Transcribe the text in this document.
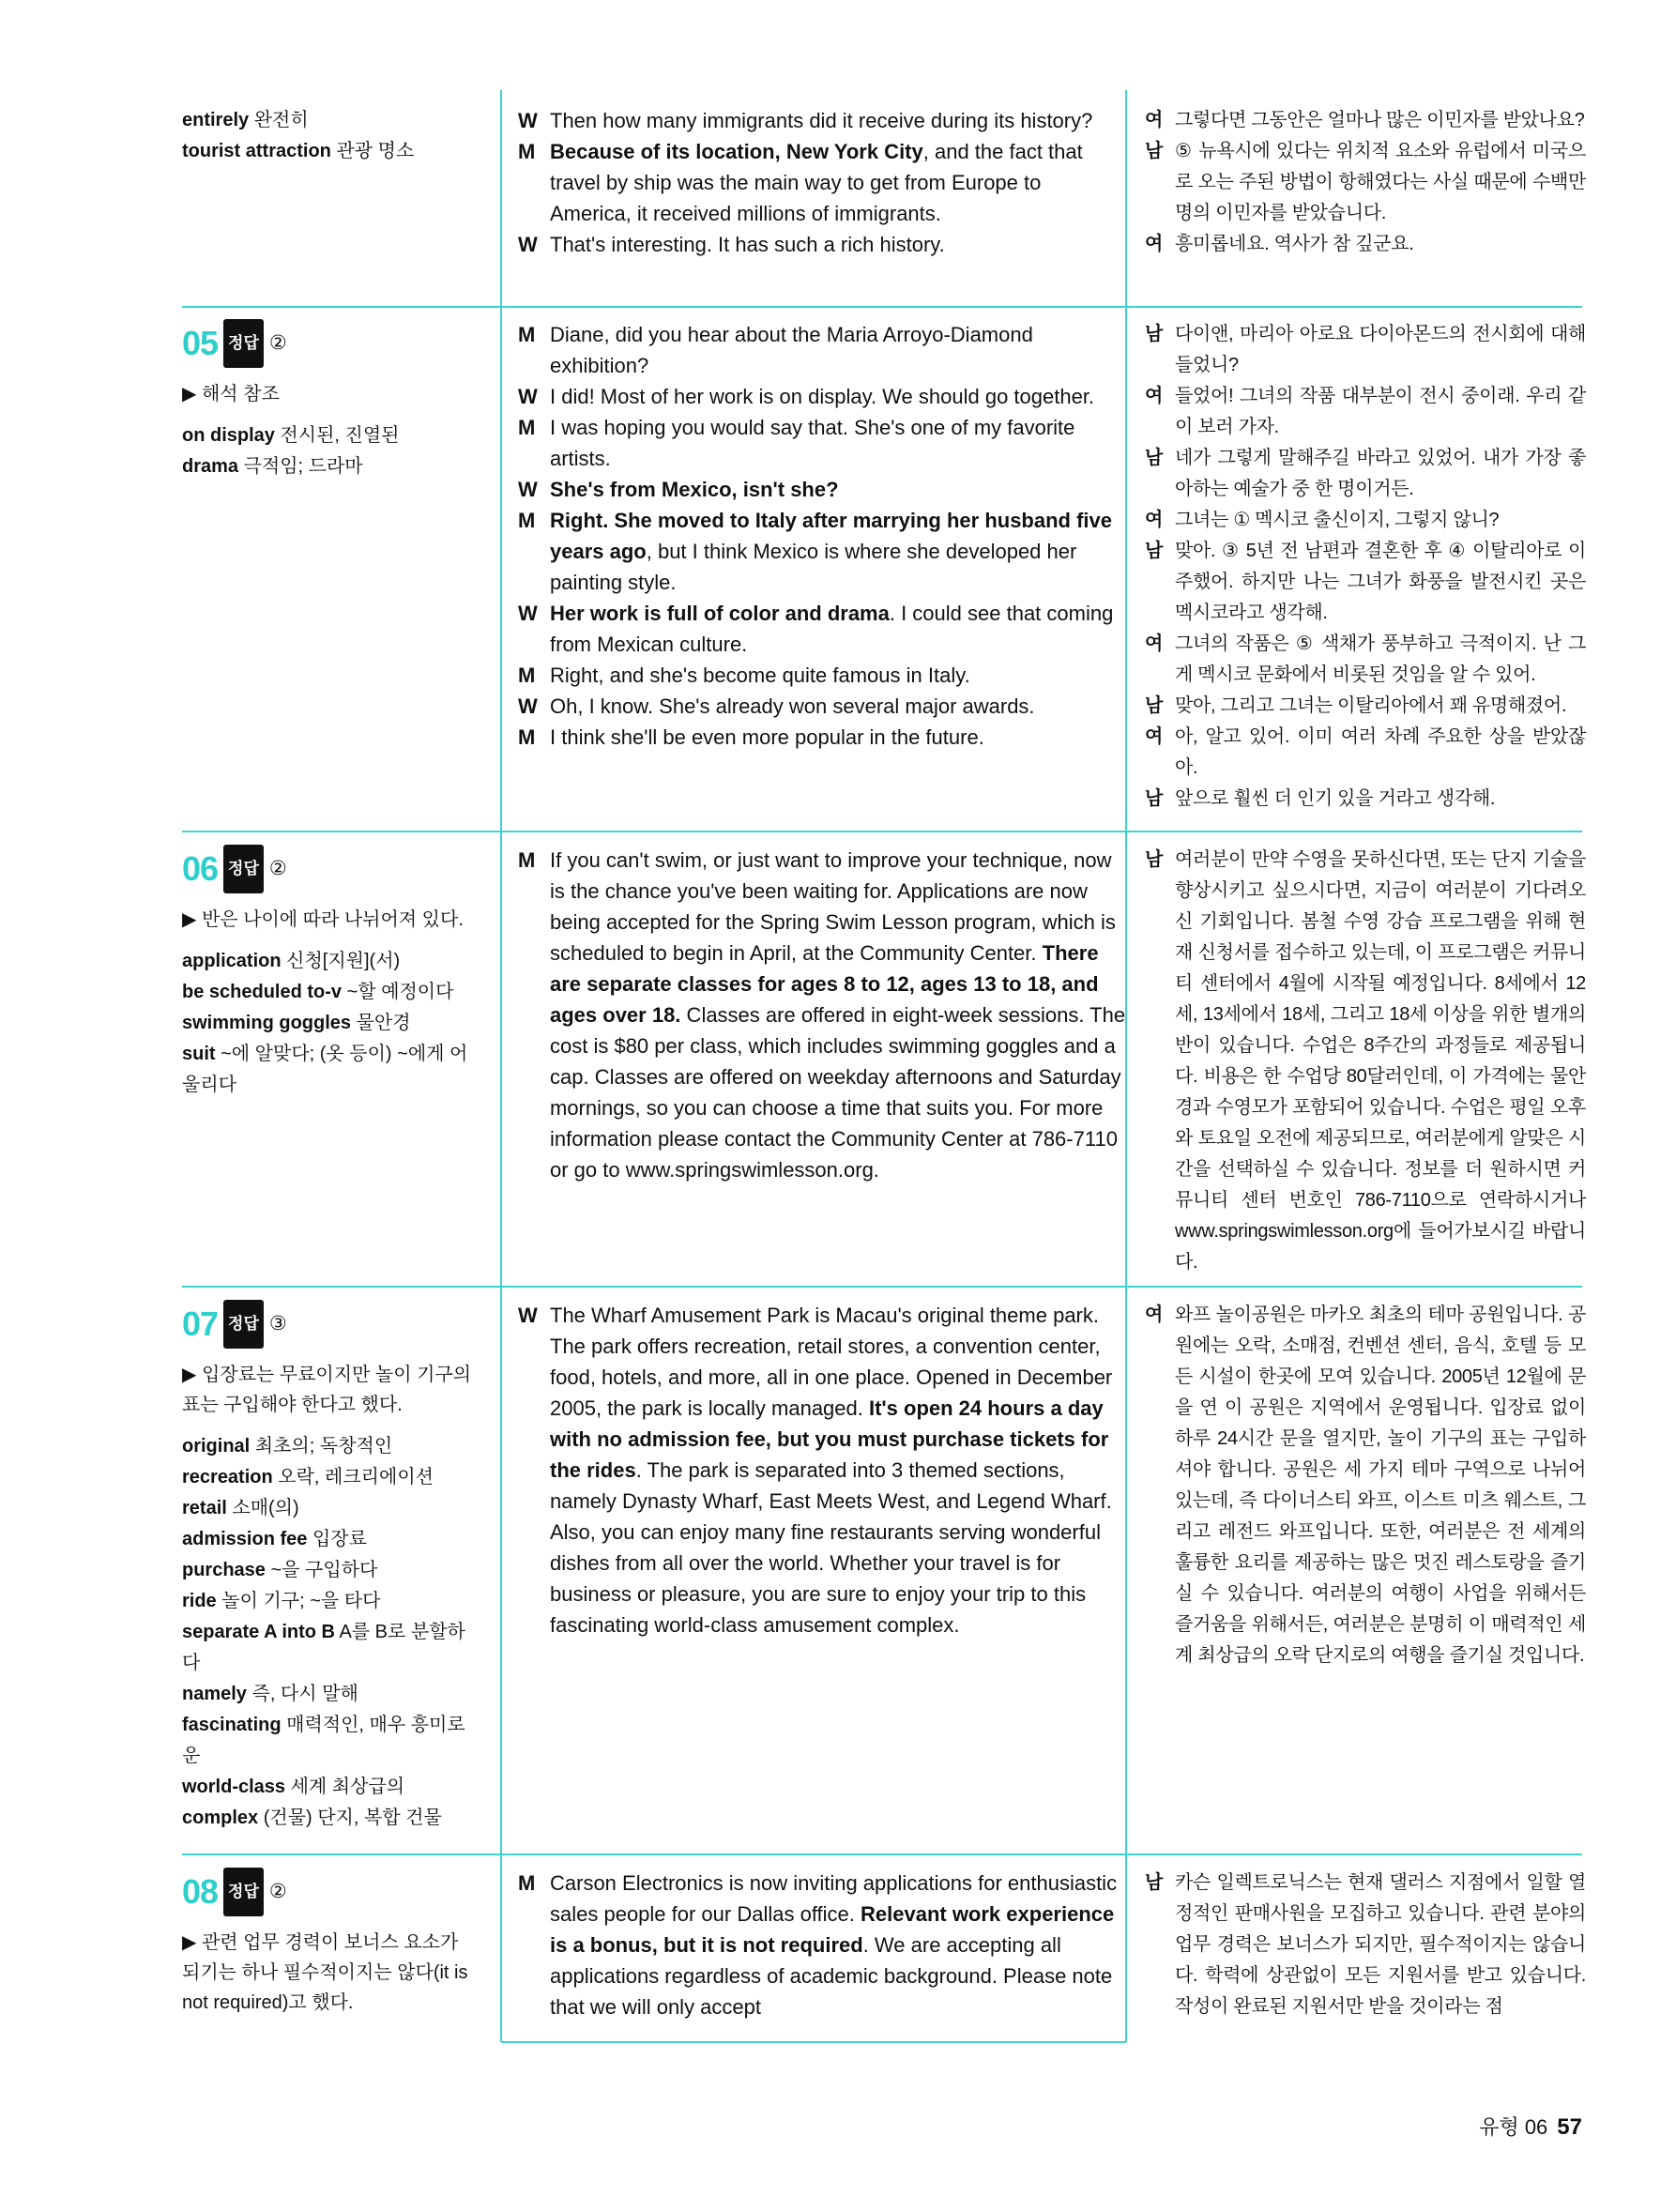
entirely 완전히
tourist attraction 관광 명소
W Then how many immigrants did it receive during its history?
M Because of its location, New York City, and the fact that travel by ship was the main way to get from Europe to America, it received millions of immigrants.
W That's interesting. It has such a rich history.
여 그렇다면 그동안은 얼마나 많은 이민자를 받았나요?
남 ⑤ 뉴욕시에 있다는 위치적 요소와 유럽에서 미국으로 오는 주된 방법이 항해였다는 사실 때문에 수백만 명의 이민자를 받았습니다.
여 흥미롭네요. 역사가 참 깊군요.
05 정답 ②
▶ 해석 참조
on display 전시된, 진열된
drama 극적임; 드라마
M Diane, did you hear about the Maria Arroyo-Diamond exhibition?
W I did! Most of her work is on display. We should go together.
M I was hoping you would say that. She's one of my favorite artists.
W She's from Mexico, isn't she?
M Right. She moved to Italy after marrying her husband five years ago, but I think Mexico is where she developed her painting style.
W Her work is full of color and drama. I could see that coming from Mexican culture.
M Right, and she's become quite famous in Italy.
W Oh, I know. She's already won several major awards.
M I think she'll be even more popular in the future.
남 다이앤, 마리아 아로요 다이아몬드의 전시회에 대해 들었니?
여 들었어! 그녀의 작품 대부분이 전시 중이래. 우리 같이 보러 가자.
남 네가 그렇게 말해주길 바라고 있었어. 내가 가장 좋아하는 예술가 중 한 명이거든.
여 그녀는 ① 멕시코 출신이지, 그렇지 않니?
남 맞아. ③ 5년 전 남편과 결혼한 후 ④ 이탈리아로 이주했어. 하지만 나는 그녀가 화풍을 발전시킨 곳은 멕시코라고 생각해.
여 그녀의 작품은 ⑤ 색채가 풍부하고 극적이지. 난 그게 멕시코 문화에서 비롯된 것임을 알 수 있어.
남 맞아, 그리고 그녀는 이탈리아에서 꽤 유명해졌어.
여 아, 알고 있어. 이미 여러 차례 주요한 상을 받았잖아.
남 앞으로 훨씬 더 인기 있을 거라고 생각해.
06 정답 ②
▶ 반은 나이에 따라 나뉘어져 있다.
application 신청[지원](서)
be scheduled to-v ~할 예정이다
swimming goggles 물안경
suit ~에 알맞다; (옷 등이) ~에게 어울리다
M If you can't swim, or just want to improve your technique, now is the chance you've been waiting for. Applications are now being accepted for the Spring Swim Lesson program, which is scheduled to begin in April, at the Community Center. There are separate classes for ages 8 to 12, ages 13 to 18, and ages over 18. Classes are offered in eight-week sessions. The cost is $80 per class, which includes swimming goggles and a cap. Classes are offered on weekday afternoons and Saturday mornings, so you can choose a time that suits you. For more information please contact the Community Center at 786-7110 or go to www.springswimlesson.org.
남 여러분이 만약 수영을 못하신다면, 또는 단지 기술을 향상시키고 싶으시다면, 지금이 여러분이 기다려오신 기회입니다. 봄철 수영 강습 프로그램을 위해 현재 신청서를 접수하고 있는데, 이 프로그램은 커뮤니티 센터에서 4월에 시작될 예정입니다. 8세에서 12세, 13세에서 18세, 그리고 18세 이상을 위한 별개의 반이 있습니다. 수업은 8주간의 과정들로 제공됩니다. 비용은 한 수업당 80달러인데, 이 가격에는 물안경과 수영모가 포함되어 있습니다. 수업은 평일 오후와 토요일 오전에 제공되므로, 여러분에게 알맞은 시간을 선택하실 수 있습니다. 정보를 더 원하시면 커뮤니티 센터 번호인 786-7110으로 연락하시거나 www.springswimlesson.org에 들어가보시길 바랍니다.
07 정답 ③
▶ 입장료는 무료이지만 놀이 기구의 표는 구입해야 한다고 했다.
original 최초의; 독창적인
recreation 오락, 레크리에이션
retail 소매(의)
admission fee 입장료
purchase ~을 구입하다
ride 놀이 기구; ~을 타다
separate A into B A를 B로 분할하다
namely 즉, 다시 말해
fascinating 매력적인, 매우 흥미로운
world-class 세계 최상급의
complex (건물) 단지, 복합 건물
W The Wharf Amusement Park is Macau's original theme park. The park offers recreation, retail stores, a convention center, food, hotels, and more, all in one place. Opened in December 2005, the park is locally managed. It's open 24 hours a day with no admission fee, but you must purchase tickets for the rides. The park is separated into 3 themed sections, namely Dynasty Wharf, East Meets West, and Legend Wharf. Also, you can enjoy many fine restaurants serving wonderful dishes from all over the world. Whether your travel is for business or pleasure, you are sure to enjoy your trip to this fascinating world-class amusement complex.
여 와프 놀이공원은 마카오 최초의 테마 공원입니다. 공원에는 오락, 소매점, 컨벤션 센터, 음식, 호텔 등 모든 시설이 한곳에 모여 있습니다. 2005년 12월에 문을 연 이 공원은 지역에서 운영됩니다. 입장료 없이 하루 24시간 문을 열지만, 놀이 기구의 표는 구입하셔야 합니다. 공원은 세 가지 테마 구역으로 나뉘어 있는데, 즉 다이너스티 와프, 이스트 미츠 웨스트, 그리고 레전드 와프입니다. 또한, 여러분은 전 세계의 훌륭한 요리를 제공하는 많은 멋진 레스토랑을 즐기실 수 있습니다. 여러분의 여행이 사업을 위해서든 즐거움을 위해서든, 여러분은 분명히 이 매력적인 세계 최상급의 오락 단지로의 여행을 즐기실 것입니다.
08 정답 ②
▶ 관련 업무 경력이 보너스 요소가 되기는 하나 필수적이지는 않다(it is not required)고 했다.
M Carson Electronics is now inviting applications for enthusiastic sales people for our Dallas office. Relevant work experience is a bonus, but it is not required. We are accepting all applications regardless of academic background. Please note that we will only accept
남 카슨 일렉트로닉스는 현재 댈러스 지점에서 일할 열정적인 판매사원을 모집하고 있습니다. 관련 분야의 업무 경력은 보너스가 되지만, 필수적이지는 않습니다. 학력에 상관없이 모든 지원서를 받고 있습니다. 작성이 완료된 지원서만 받을 것이라는 점
유형 06 57
